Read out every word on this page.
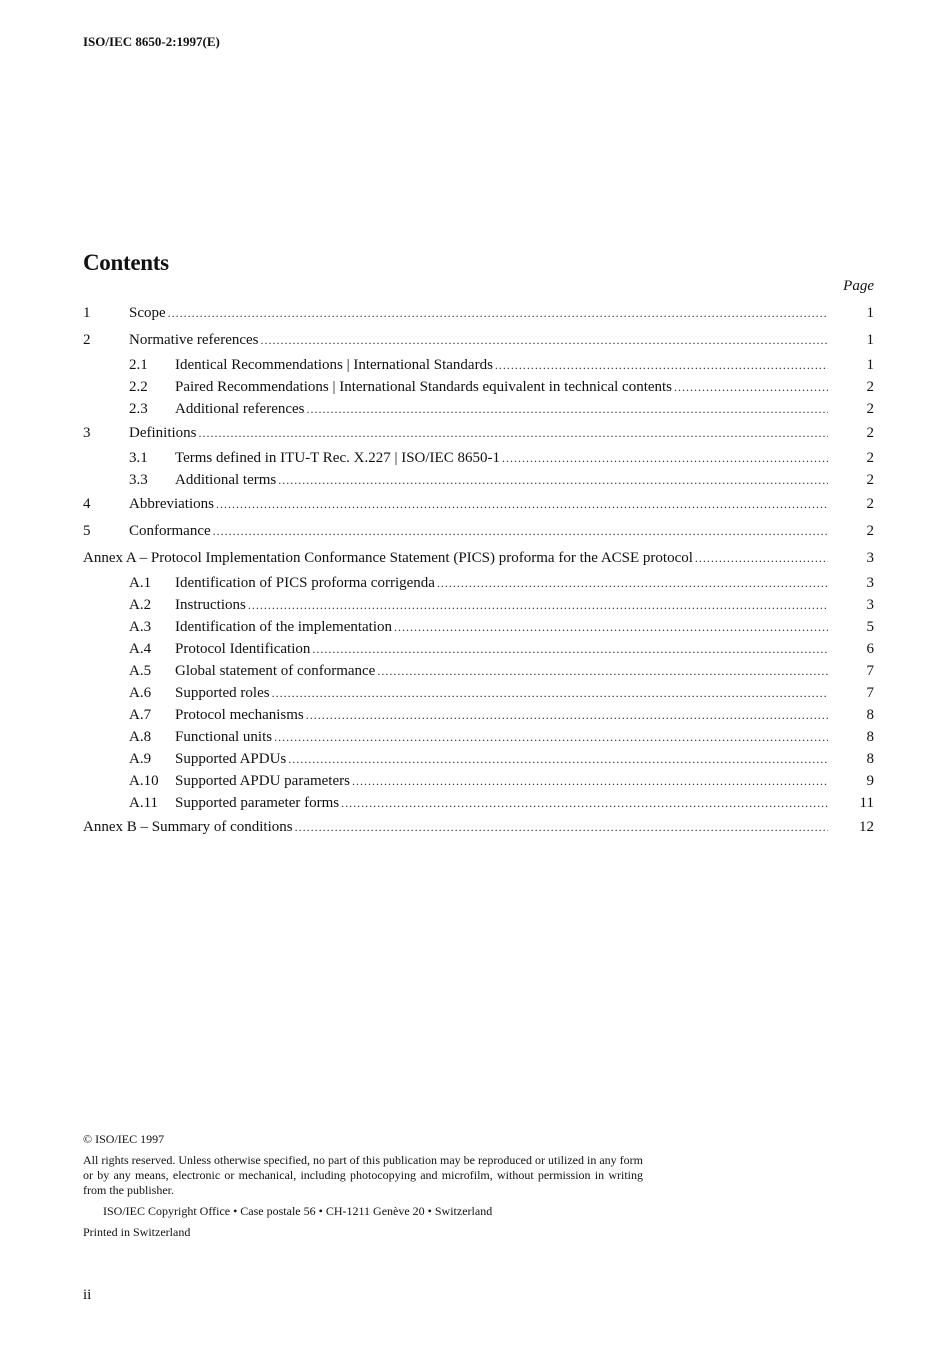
ISO/IEC 8650-2:1997(E)
Contents
Page
1	Scope .....	1
2	Normative references .....	1
2.1	Identical Recommendations | International Standards .....	1
2.2	Paired Recommendations | International Standards equivalent in technical contents .....	2
2.3	Additional references .....	2
3	Definitions .....	2
3.1	Terms defined in ITU-T Rec. X.227 | ISO/IEC 8650-1 .....	2
3.3	Additional terms .....	2
4	Abbreviations .....	2
5	Conformance .....	2
Annex A – Protocol Implementation Conformance Statement (PICS) proforma for the ACSE protocol .....	3
A.1	Identification of PICS proforma corrigenda .....	3
A.2	Instructions .....	3
A.3	Identification of the implementation .....	5
A.4	Protocol Identification .....	6
A.5	Global statement of conformance .....	7
A.6	Supported roles .....	7
A.7	Protocol mechanisms .....	8
A.8	Functional units .....	8
A.9	Supported APDUs .....	8
A.10	Supported APDU parameters .....	9
A.11	Supported parameter forms .....	11
Annex B – Summary of conditions .....	12
© ISO/IEC 1997
All rights reserved. Unless otherwise specified, no part of this publication may be reproduced or utilized in any form or by any means, electronic or mechanical, including photocopying and microfilm, without permission in writing from the publisher.
ISO/IEC Copyright Office • Case postale 56 • CH-1211 Genève 20 • Switzerland
Printed in Switzerland
ii
